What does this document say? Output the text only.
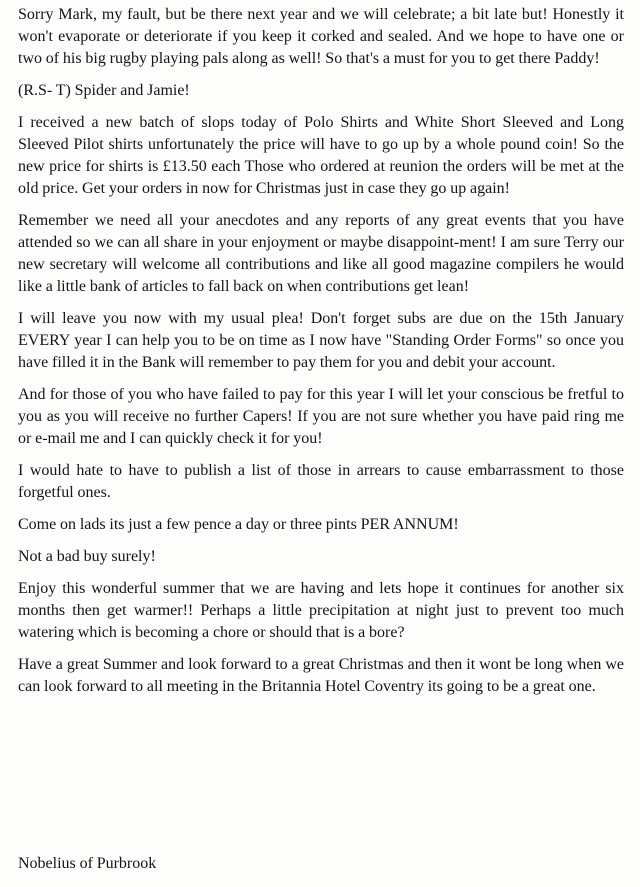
Sorry Mark, my fault, but be there next year and we will celebrate; a bit late but! Honestly it won't evaporate or deteriorate if you keep it corked and sealed. And we hope to have one or two of his big rugby playing pals along as well! So that's a must for you to get there Paddy!

(R.S- T) Spider and Jamie!

I received a new batch of slops today of Polo Shirts and White Short Sleeved and Long Sleeved Pilot shirts unfortunately the price will have to go up by a whole pound coin! So the new price for shirts is £13.50 each Those who ordered at reunion the orders will be met at the old price. Get your orders in now for Christmas just in case they go up again!

Remember we need all your anecdotes and any reports of any great events that you have attended so we can all share in your enjoyment or maybe disappoint-ment! I am sure Terry our new secretary will welcome all contributions and like all good magazine compilers he would like a little bank of articles to fall back on when contributions get lean!

I will leave you now with my usual plea! Don't forget subs are due on the 15th January EVERY year I can help you to be on time as I now have "Standing Order Forms" so once you have filled it in the Bank will remember to pay them for you and debit your account.

And for those of you who have failed to pay for this year I will let your conscious be fretful to you as you will receive no further Capers! If you are not sure whether you have paid ring me or e-mail me and I can quickly check it for you!

I would hate to have to publish a list of those in arrears to cause embarrassment to those forgetful ones.

Come on lads its just a few pence a day or three pints PER ANNUM!

Not a bad buy surely!

Enjoy this wonderful summer that we are having and lets hope it continues for another six months then get warmer!! Perhaps a little precipitation at night just to prevent too much watering which is becoming a chore or should that is a bore?

Have a great Summer and look forward to a great Christmas and then it wont be long when we can look forward to all meeting in the Britannia Hotel Coventry its going to be a great one.

Nobelius of Purbrook
